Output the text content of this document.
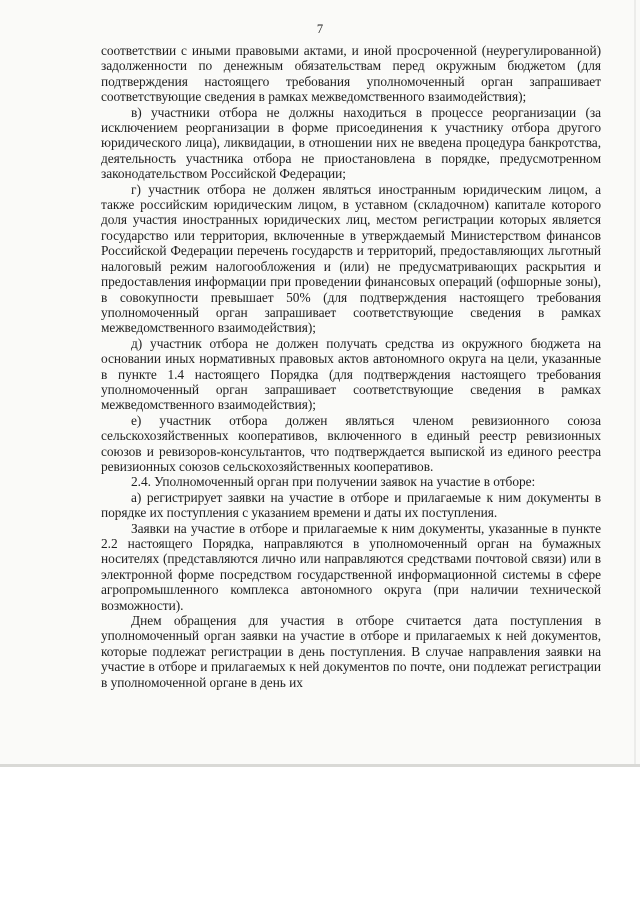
7

соответствии с иными правовыми актами, и иной просроченной (неурегулированной) задолженности по денежным обязательствам перед окружным бюджетом (для подтверждения настоящего требования уполномоченный орган запрашивает соответствующие сведения в рамках межведомственного взаимодействия);

в) участники отбора не должны находиться в процессе реорганизации (за исключением реорганизации в форме присоединения к участнику отбора другого юридического лица), ликвидации, в отношении них не введена процедура банкротства, деятельность участника отбора не приостановлена в порядке, предусмотренном законодательством Российской Федерации;

г) участник отбора не должен являться иностранным юридическим лицом, а также российским юридическим лицом, в уставном (складочном) капитале которого доля участия иностранных юридических лиц, местом регистрации которых является государство или территория, включенные в утверждаемый Министерством финансов Российской Федерации перечень государств и территорий, предоставляющих льготный налоговый режим налогообложения и (или) не предусматривающих раскрытия и предоставления информации при проведении финансовых операций (офшорные зоны), в совокупности превышает 50% (для подтверждения настоящего требования уполномоченный орган запрашивает соответствующие сведения в рамках межведомственного взаимодействия);

д) участник отбора не должен получать средства из окружного бюджета на основании иных нормативных правовых актов автономного округа на цели, указанные в пункте 1.4 настоящего Порядка (для подтверждения настоящего требования уполномоченный орган запрашивает соответствующие сведения в рамках межведомственного взаимодействия);

е) участник отбора должен являться членом ревизионного союза сельскохозяйственных кооперативов, включенного в единый реестр ревизионных союзов и ревизоров-консультантов, что подтверждается выпиской из единого реестра ревизионных союзов сельскохозяйственных кооперативов.

2.4. Уполномоченный орган при получении заявок на участие в отборе:

а) регистрирует заявки на участие в отборе и прилагаемые к ним документы в порядке их поступления с указанием времени и даты их поступления.

Заявки на участие в отборе и прилагаемые к ним документы, указанные в пункте 2.2 настоящего Порядка, направляются в уполномоченный орган на бумажных носителях (представляются лично или направляются средствами почтовой связи) или в электронной форме посредством государственной информационной системы в сфере агропромышленного комплекса автономного округа (при наличии технической возможности).

Днем обращения для участия в отборе считается дата поступления в уполномоченный орган заявки на участие в отборе и прилагаемых к ней документов, которые подлежат регистрации в день поступления. В случае направления заявки на участие в отборе и прилагаемых к ней документов по почте, они подлежат регистрации в уполномоченной органе в день их
